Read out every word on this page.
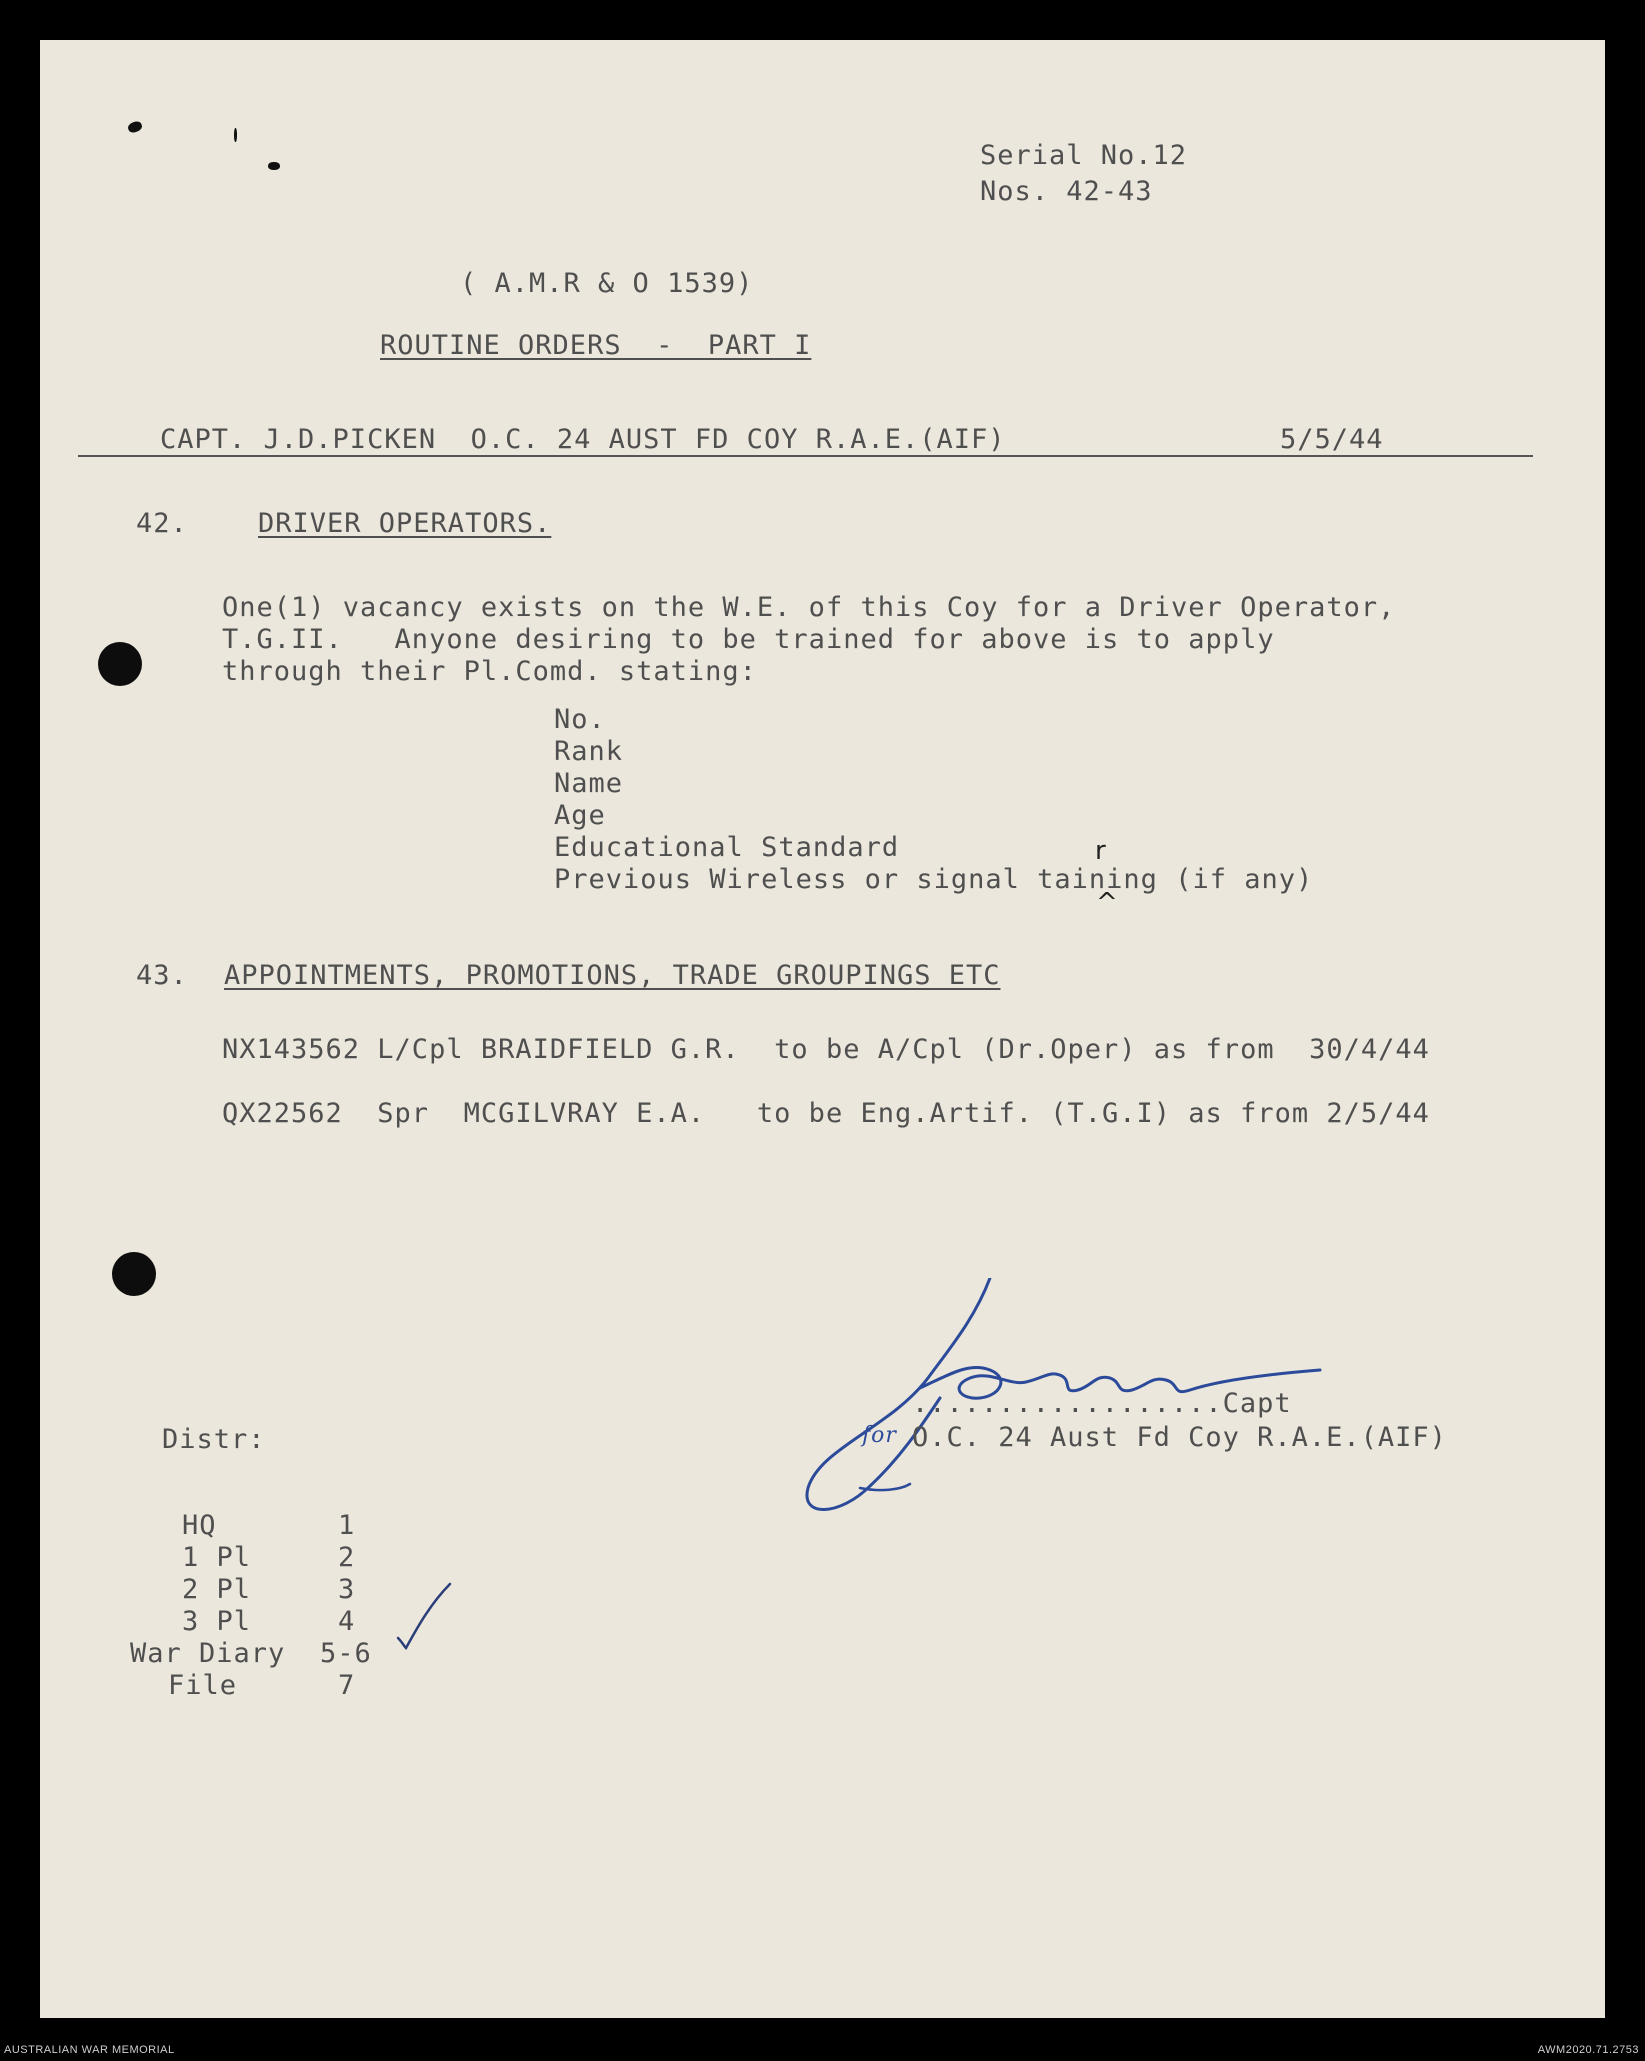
Serial No.12
Nos. 42-43
( A.M.R & O 1539)
ROUTINE ORDERS  -  PART I
CAPT. J.D.PICKEN  O.C. 24 AUST FD COY R.A.E.(AIF)	5/5/44
42.	DRIVER OPERATORS.
One(1) vacancy exists on the W.E. of this Coy for a Driver Operator,
T.G.II.   Anyone desiring to be trained for above is to apply
through their Pl.Comd. stating:
No.
Rank
Name
Age
Educational Standard
Previous Wireless or signal taining (if any)
r
^
43. APPOINTMENTS, PROMOTIONS, TRADE GROUPINGS ETC
NX143562 L/Cpl BRAIDFIELD G.R.  to be A/Cpl (Dr.Oper) as from  30/4/44
QX22562  Spr  MCGILVRAY E.A.   to be Eng.Artif. (T.G.I) as from 2/5/44
..................Capt
for O.C. 24 Aust Fd Coy R.A.E.(AIF)
Distr:
HQ	1
1 Pl	2
2 Pl	3
3 Pl	4
War Diary 5-6
File	7
AUSTRALIAN WAR MEMORIAL	AWM2020.71.2753
